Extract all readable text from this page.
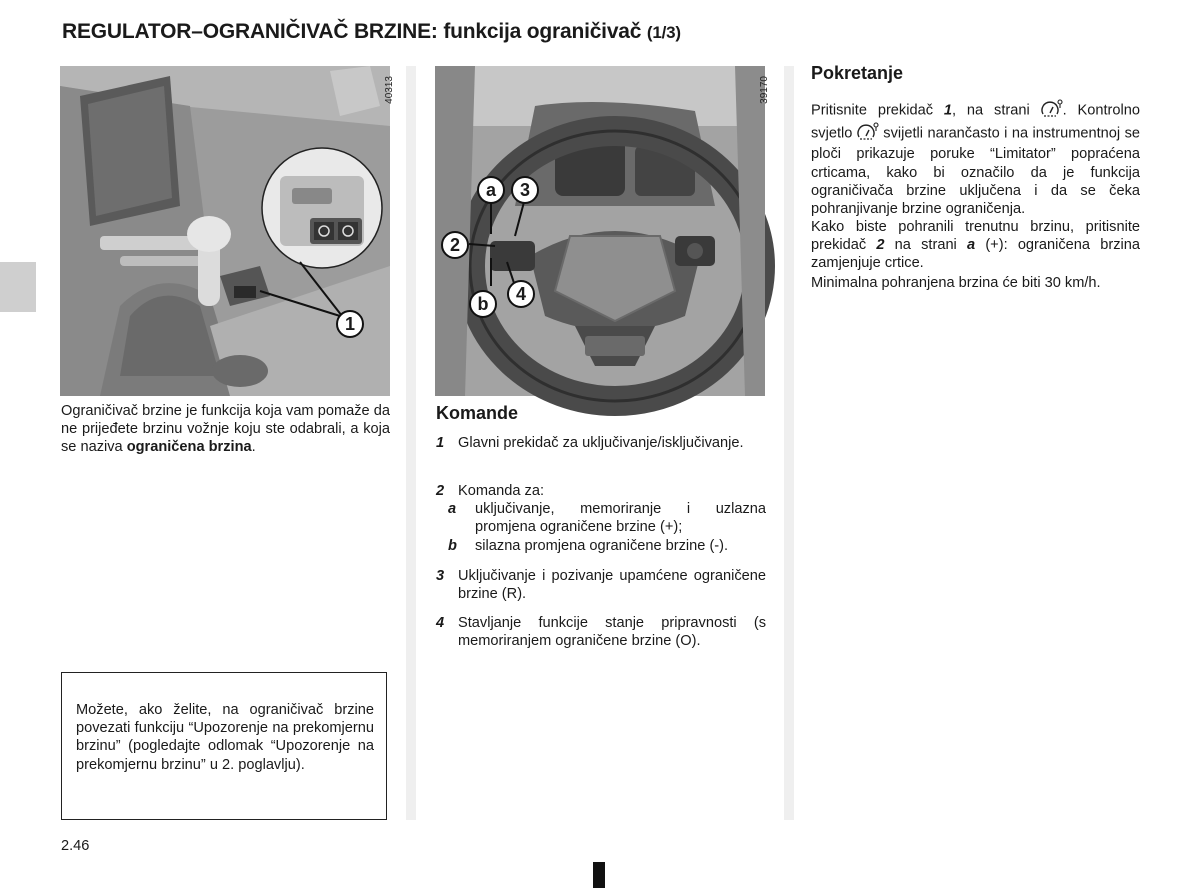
REGULATOR–OGRANIČIVAČ BRZINE: funkcija ograničivač (1/3)
40313
1

Ograničivač brzine je funkcija koja vam pomaže da ne prijeđete brzinu vožnje koju ste odabrali, a koja se naziva ograničena brzina.

Možete, ako želite, na ograničivač brzine povezati funkciju “Upozorenje na prekomjernu brzinu” (pogledajte odlomak “Upozorenje na prekomjernu brzinu” u 2. poglavlju).
39170
a	3
2
b	4
Komande
1 Glavni prekidač za uključivanje/isključivanje.
2 Komanda za:
a uključivanje, memoriranje i uzlazna promjena ograničene brzine (+);
b silazna promjena ograničene brzine (-).
3 Uključivanje i pozivanje upamćene ograničene brzine (R).
4 Stavljanje funkcije stanje pripravnosti (s memoriranjem ograničene brzine (O).
Pokretanje
Pritisnite prekidač 1, na strani . Kontrolno svjetlo  svijetli narančasto i na instrumentnoj se ploči prikazuje poruke “Limitator” popraćena crticama, kako bi označilo da je funkcija ograničivača brzine uključena i da se čeka pohranjivanje brzine ograničenja.
Kako biste pohranili trenutnu brzinu, pritisnite prekidač 2 na strani a (+): ograničena brzina zamjenjuje crtice.
Minimalna pohranjena brzina će biti 30 km/h.
2.46
